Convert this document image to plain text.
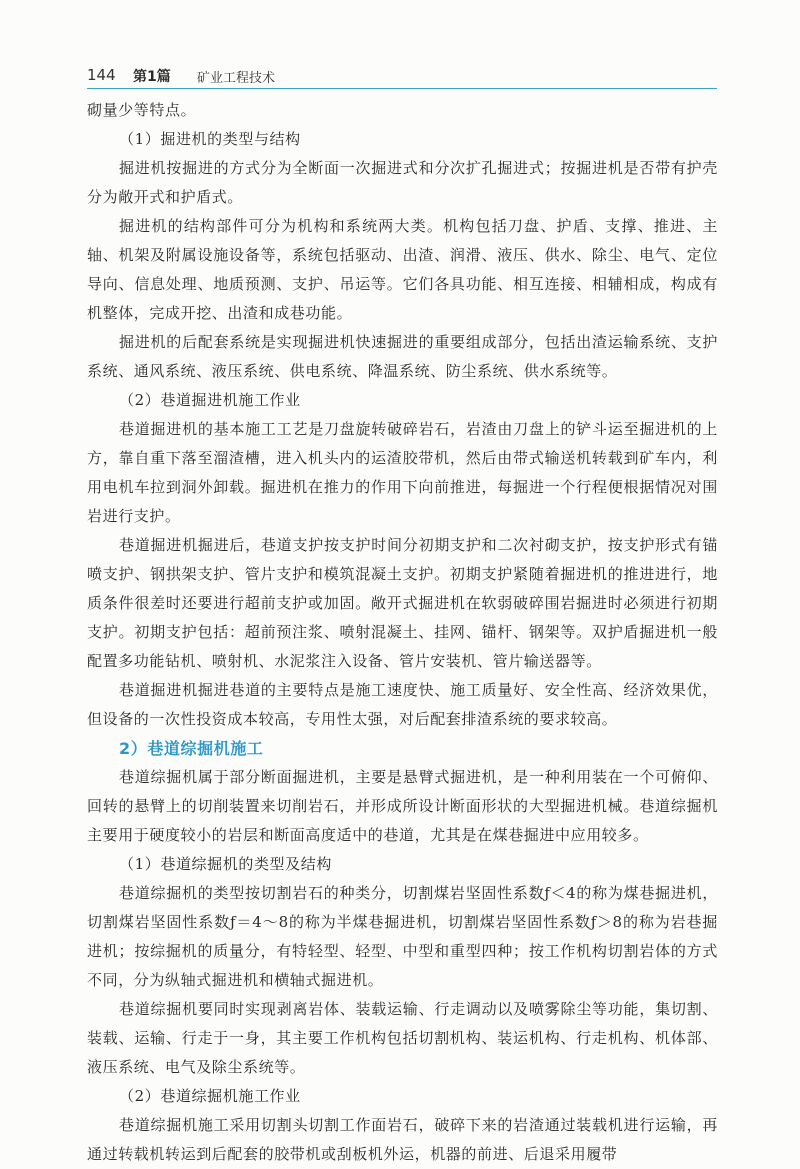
144 第1篇 矿业工程技术

砌量少等特点。

（1）掘进机的类型与结构

掘进机按掘进的方式分为全断面一次掘进式和分次扩孔掘进式；按掘进机是否带有护壳分为敞开式和护盾式。

掘进机的结构部件可分为机构和系统两大类。机构包括刀盘、护盾、支撑、推进、主轴、机架及附属设施设备等，系统包括驱动、出渣、润滑、液压、供水、除尘、电气、定位导向、信息处理、地质预测、支护、吊运等。它们各具功能、相互连接、相辅相成，构成有机整体，完成开挖、出渣和成巷功能。

掘进机的后配套系统是实现掘进机快速掘进的重要组成部分，包括出渣运输系统、支护系统、通风系统、液压系统、供电系统、降温系统、防尘系统、供水系统等。

（2）巷道掘进机施工作业

巷道掘进机的基本施工工艺是刀盘旋转破碎岩石，岩渣由刀盘上的铲斗运至掘进机的上方，靠自重下落至溜渣槽，进入机头内的运渣胶带机，然后由带式输送机转载到矿车内，利用电机车拉到洞外卸载。掘进机在推力的作用下向前推进，每掘进一个行程便根据情况对围岩进行支护。

巷道掘进机掘进后，巷道支护按支护时间分初期支护和二次衬砌支护，按支护形式有锚喷支护、钢拱架支护、管片支护和模筑混凝土支护。初期支护紧随着掘进机的推进进行，地质条件很差时还要进行超前支护或加固。敞开式掘进机在软弱破碎围岩掘进时必须进行初期支护。初期支护包括：超前预注浆、喷射混凝土、挂网、锚杆、钢架等。双护盾掘进机一般配置多功能钻机、喷射机、水泥浆注入设备、管片安装机、管片输送器等。

巷道掘进机掘进巷道的主要特点是施工速度快、施工质量好、安全性高、经济效果优，但设备的一次性投资成本较高，专用性太强，对后配套排渣系统的要求较高。

2）巷道综掘机施工

巷道综掘机属于部分断面掘进机，主要是悬臂式掘进机，是一种利用装在一个可俯仰、回转的悬臂上的切削装置来切削岩石，并形成所设计断面形状的大型掘进机械。巷道综掘机主要用于硬度较小的岩层和断面高度适中的巷道，尤其是在煤巷掘进中应用较多。

（1）巷道综掘机的类型及结构

巷道综掘机的类型按切割岩石的种类分，切割煤岩坚固性系数ƒ＜4的称为煤巷掘进机，切割煤岩坚固性系数ƒ＝4～8的称为半煤巷掘进机，切割煤岩坚固性系数ƒ＞8的称为岩巷掘进机；按综掘机的质量分，有特轻型、轻型、中型和重型四种；按工作机构切割岩体的方式不同，分为纵轴式掘进机和横轴式掘进机。

巷道综掘机要同时实现剥离岩体、装载运输、行走调动以及喷雾除尘等功能，集切割、装载、运输、行走于一身，其主要工作机构包括切割机构、装运机构、行走机构、机体部、液压系统、电气及除尘系统等。

（2）巷道综掘机施工作业

巷道综掘机施工采用切割头切割工作面岩石，破碎下来的岩渣通过装载机进行运输，再通过转载机转运到后配套的胶带机或刮板机外运，机器的前进、后退采用履带
